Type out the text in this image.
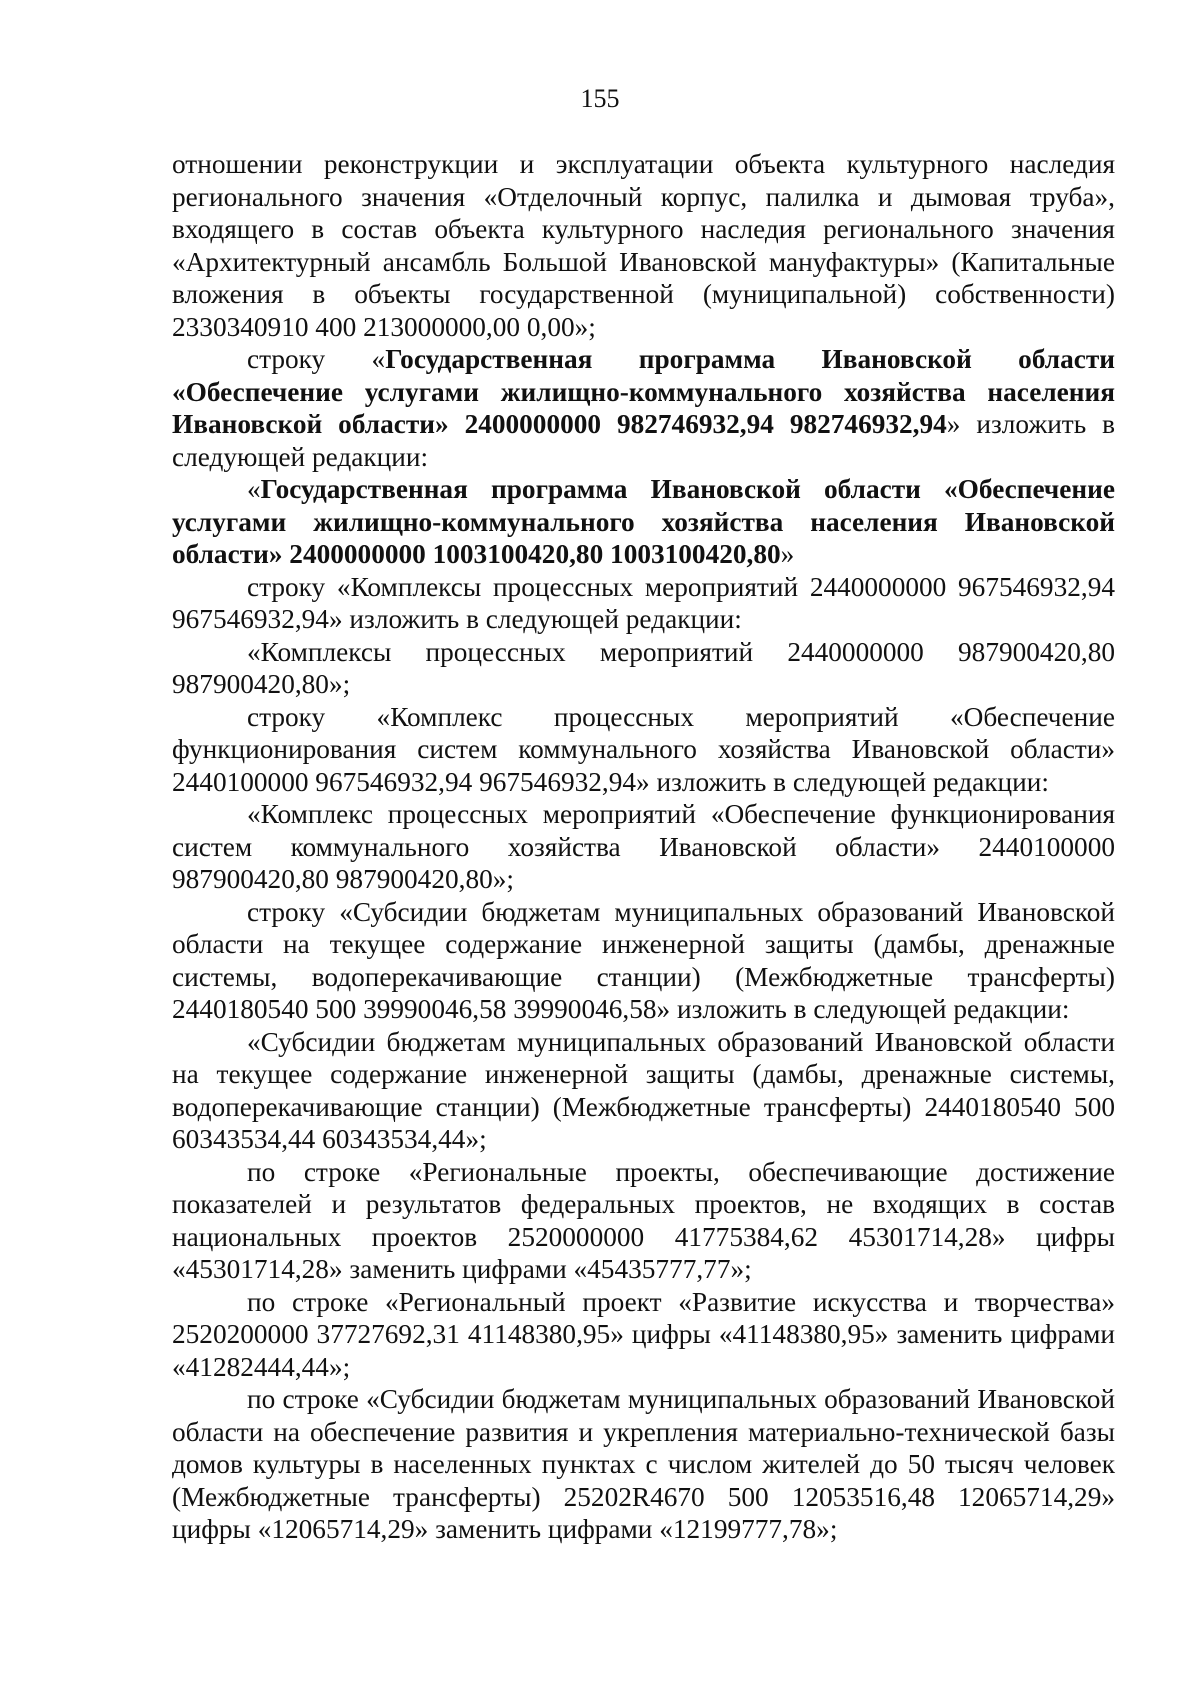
155

отношении реконструкции и эксплуатации объекта культурного наследия регионального значения «Отделочный корпус, палилка и дымовая труба», входящего в состав объекта культурного наследия регионального значения «Архитектурный ансамбль Большой Ивановской мануфактуры» (Капитальные вложения в объекты государственной (муниципальной) собственности) 2330340910 400 213000000,00 0,00»;

строку «Государственная программа Ивановской области «Обеспечение услугами жилищно-коммунального хозяйства населения Ивановской области» 2400000000 982746932,94 982746932,94» изложить в следующей редакции:

«Государственная программа Ивановской области «Обеспечение услугами жилищно-коммунального хозяйства населения Ивановской области» 2400000000 1003100420,80 1003100420,80»

строку «Комплексы процессных мероприятий 2440000000 967546932,94 967546932,94» изложить в следующей редакции:

«Комплексы процессных мероприятий 2440000000 987900420,80 987900420,80»;

строку «Комплекс процессных мероприятий «Обеспечение функционирования систем коммунального хозяйства Ивановской области» 2440100000 967546932,94 967546932,94» изложить в следующей редакции:

«Комплекс процессных мероприятий «Обеспечение функционирования систем коммунального хозяйства Ивановской области» 2440100000 987900420,80 987900420,80»;

строку «Субсидии бюджетам муниципальных образований Ивановской области на текущее содержание инженерной защиты (дамбы, дренажные системы, водоперекачивающие станции) (Межбюджетные трансферты) 2440180540 500 39990046,58 39990046,58» изложить в следующей редакции:

«Субсидии бюджетам муниципальных образований Ивановской области на текущее содержание инженерной защиты (дамбы, дренажные системы, водоперекачивающие станции) (Межбюджетные трансферты) 2440180540 500 60343534,44 60343534,44»;

по строке «Региональные проекты, обеспечивающие достижение показателей и результатов федеральных проектов, не входящих в состав национальных проектов 2520000000 41775384,62 45301714,28» цифры «45301714,28» заменить цифрами «45435777,77»;

по строке «Региональный проект «Развитие искусства и творчества» 2520200000 37727692,31 41148380,95» цифры «41148380,95» заменить цифрами «41282444,44»;

по строке «Субсидии бюджетам муниципальных образований Ивановской области на обеспечение развития и укрепления материально-технической базы домов культуры в населенных пунктах с числом жителей до 50 тысяч человек (Межбюджетные трансферты) 25202R4670 500 12053516,48 12065714,29» цифры «12065714,29» заменить цифрами «12199777,78»;
